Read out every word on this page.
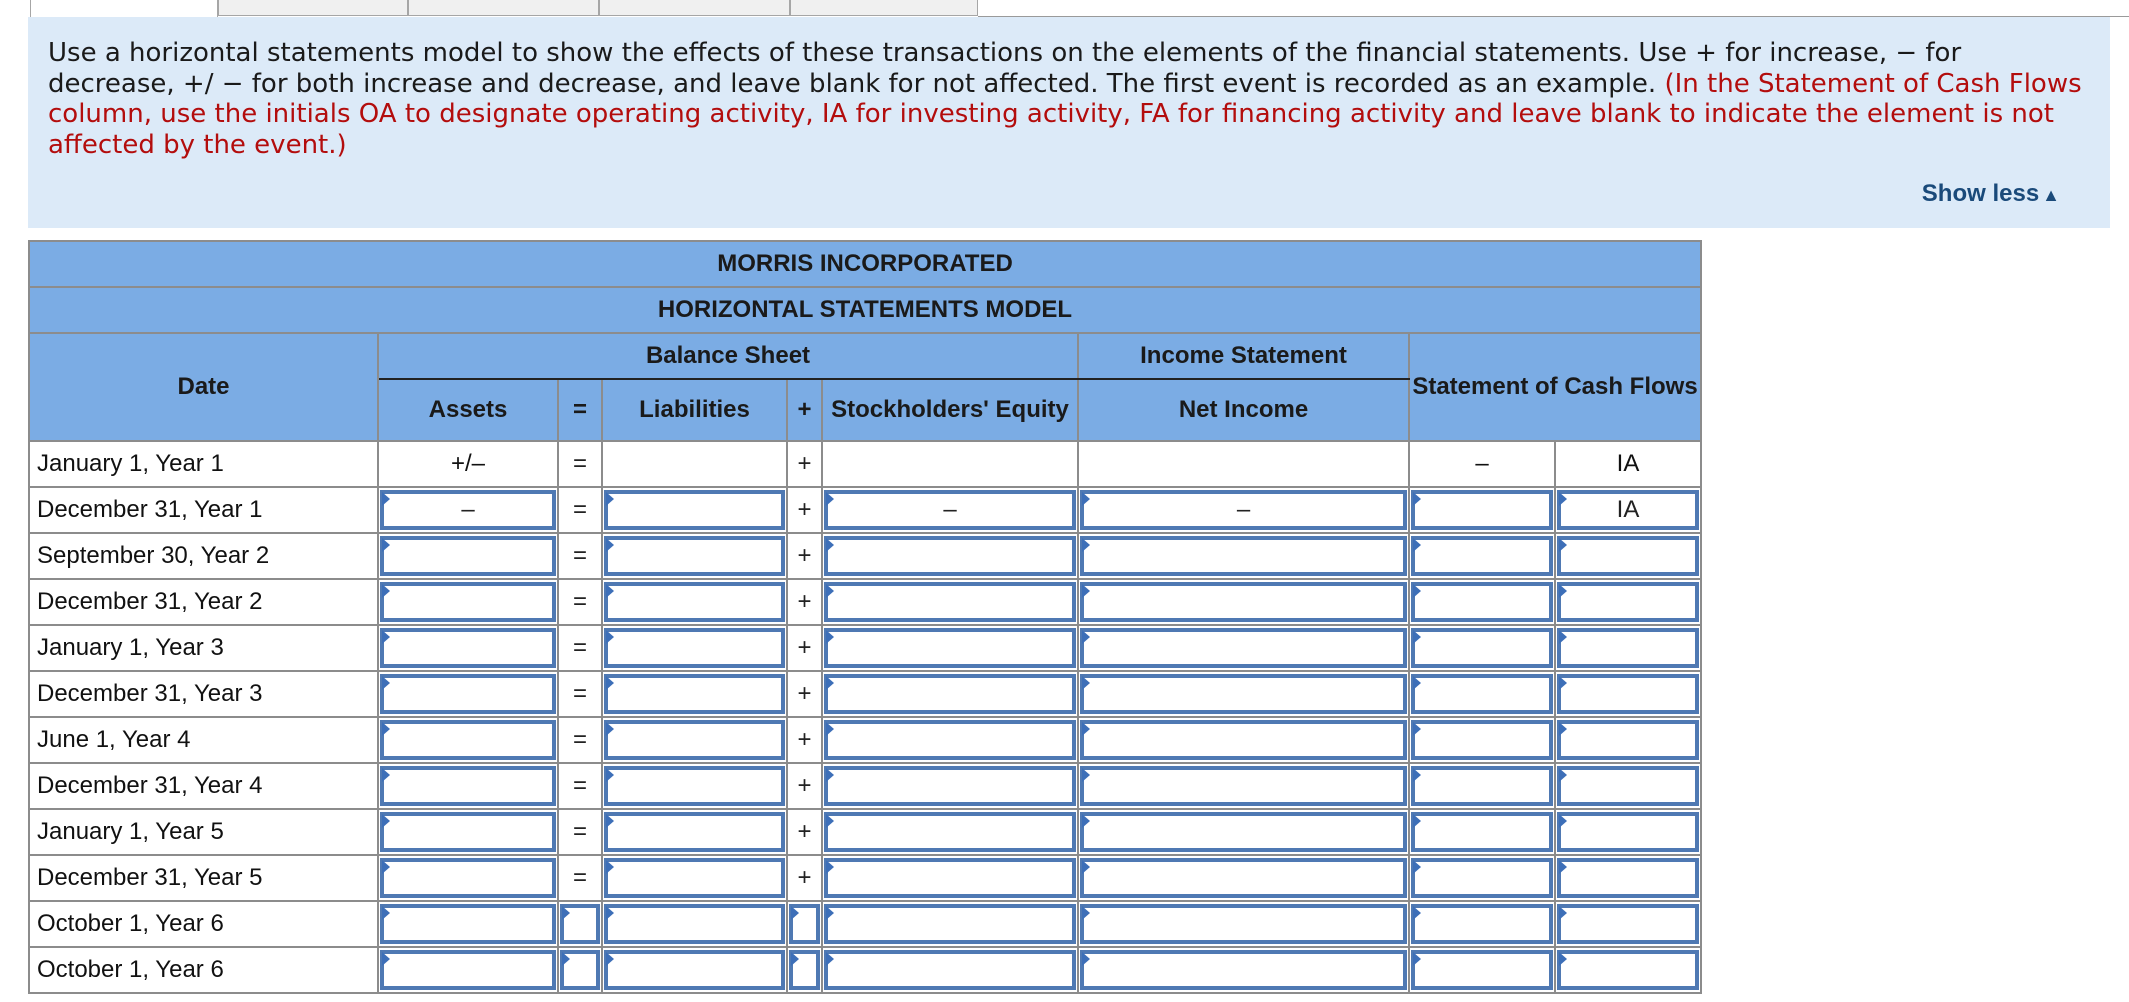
Use a horizontal statements model to show the effects of these transactions on the elements of the financial statements. Use + for increase, − for decrease, +/ − for both increase and decrease, and leave blank for not affected. The first event is recorded as an example. (In the Statement of Cash Flows column, use the initials OA to designate operating activity, IA for investing activity, FA for financing activity and leave blank to indicate the element is not affected by the event.)
Show less ▲
MORRIS INCORPORATED								
HORIZONTAL STATEMENTS MODEL								
Date	Balance Sheet					Income Statement	Statement of Cash Flows	
	Assets	=	Liabilities	+	Stockholders' Equity	Net Income		
January 1, Year 1	+/–	=		+			–	IA
December 31, Year 1	–	=		+	–	–		IA

September 30, Year 2		=		+	

December 31, Year 2		=		+	

January 1, Year 3		=		+	

December 31, Year 3		=		+	

June 1, Year 4		=		+	

December 31, Year 4		=		+	

January 1, Year 5		=		+	

December 31, Year 5		=		+	

October 1, Year 6	

October 1, Year 6	
